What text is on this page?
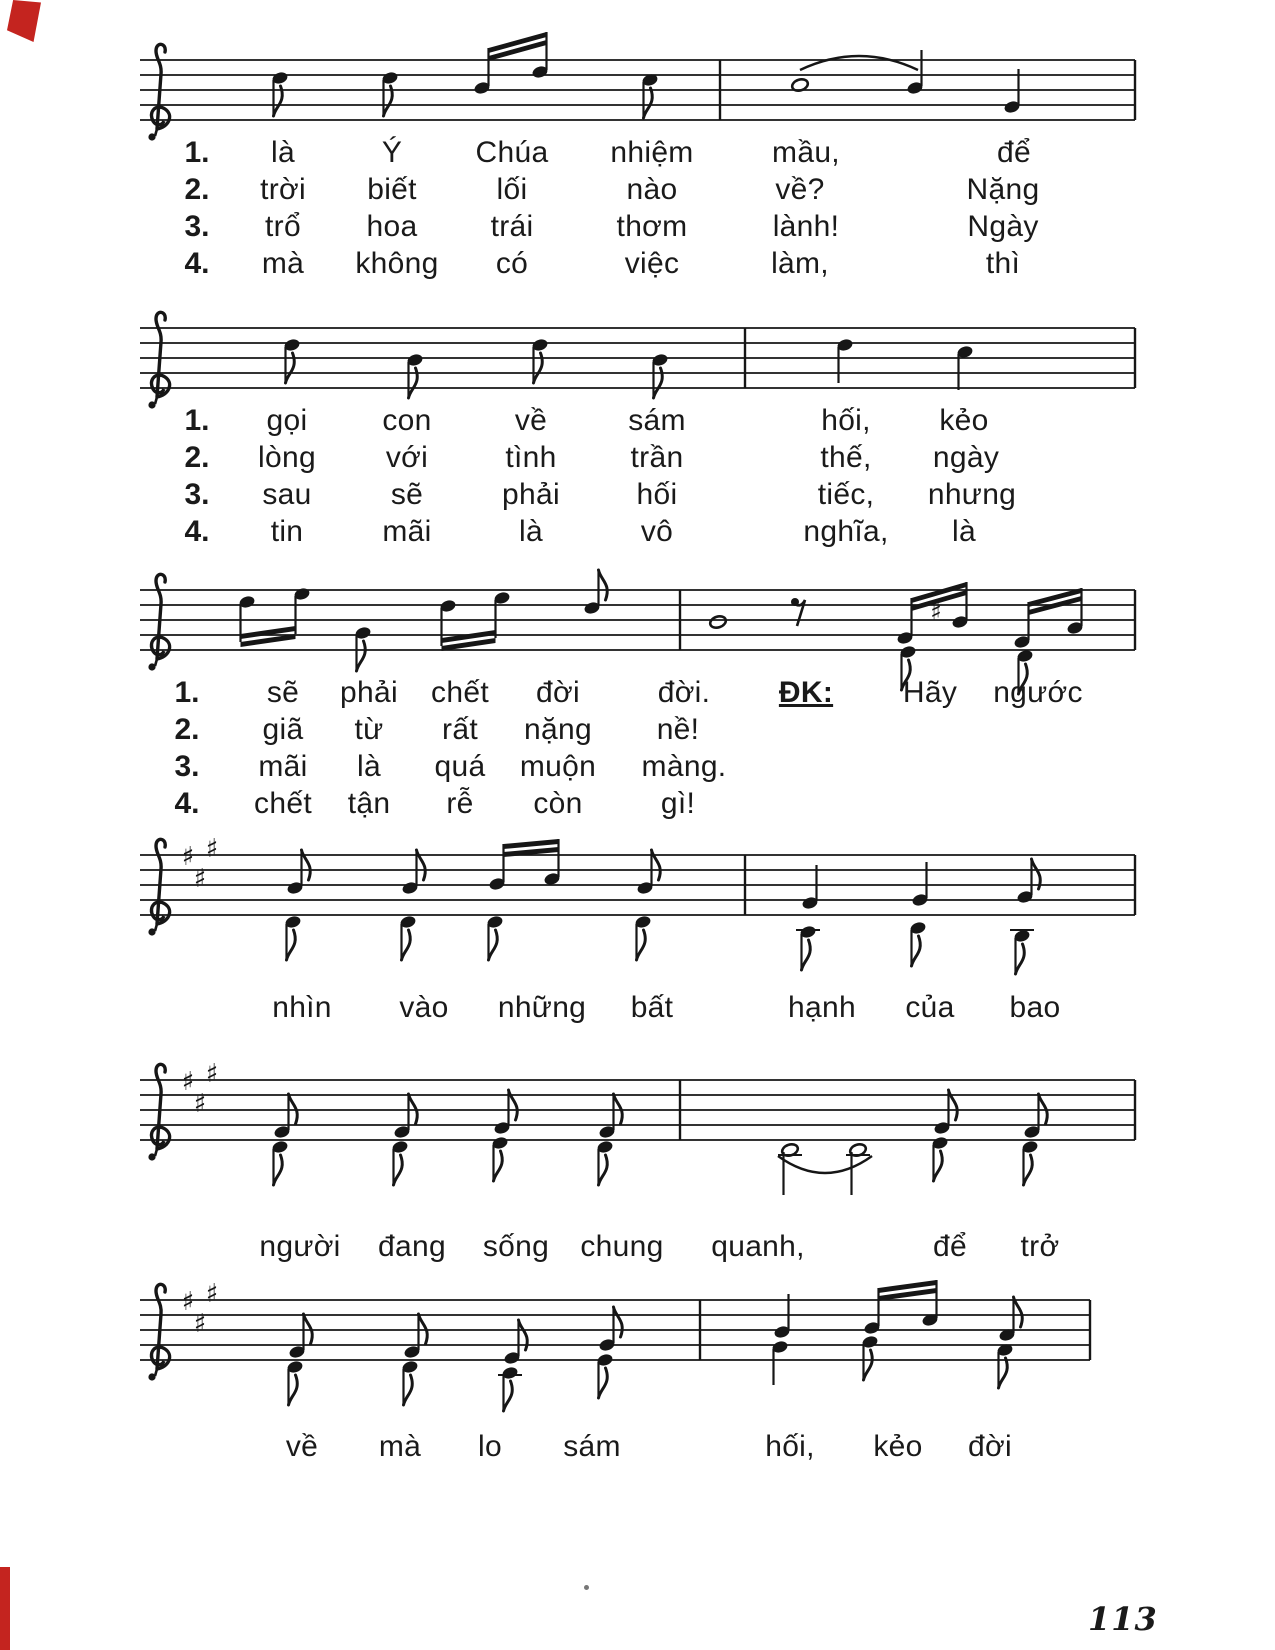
♯
♯
♯
♯
♯
♯
♯
♯
♯
♯
1. là	Ý Chúa nhiệm	mầu,	để
2. trời biết	lối	nào	về?	Nặng
3. trổ hoa trái	thơm	lành!	Ngày
4. mà không có	việc	làm,	thì
1. gọi con	về	sám	hối, kẻo
2. lòng với	tình trần	thế, ngày
3. sau	sẽ	phải	hối	tiếc, nhưng
4. tin	mãi	là	vô	nghĩa, là
1. sẽ phải chết đời	đời. ĐK: Hãy ngước
2. giã từ rất nặng nề!
3. mãi là quá muộn màng.
4. chết tận rễ còn	gì!
nhìn vào những bất	hạnh của bao
người đang sống chung quanh,	để trở
về mà lo sám	hối, kẻo đời
113
